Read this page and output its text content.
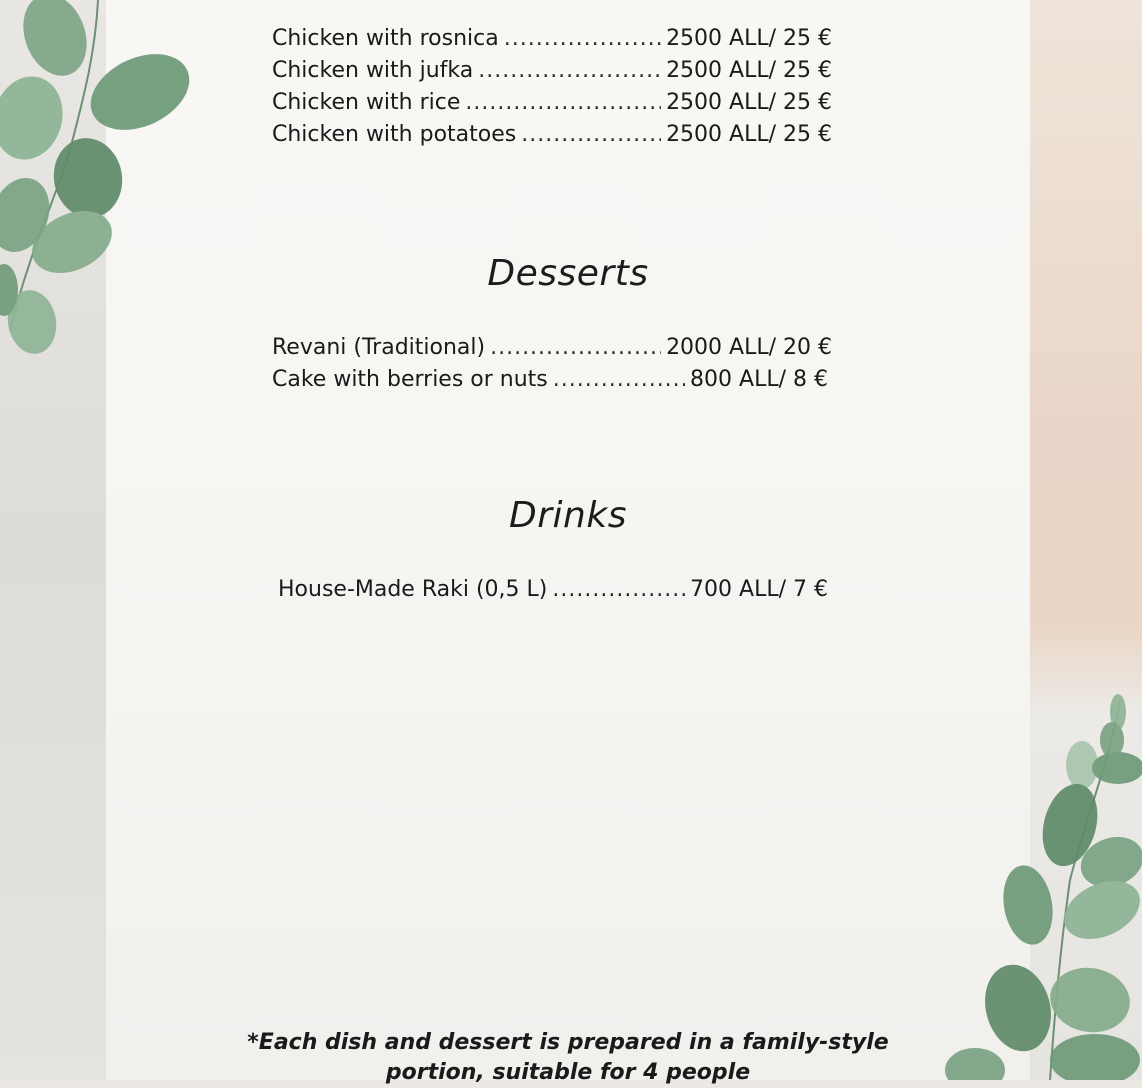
Chicken with rosnica .....	2500 ALL/ 25 €
Chicken with jufka .....	2500 ALL/ 25 €
Chicken with rice .....	2500 ALL/ 25 €
Chicken with potatoes .....	2500 ALL/ 25 €
Desserts
Revani (Traditional) .....	2000 ALL/ 20 €
Cake with berries or nuts .....	800 ALL/ 8 €
Drinks
House-Made Raki (0,5 L) .....	700 ALL/ 7 €
*Each dish and dessert is prepared in a family-style portion, suitable for 4 people
